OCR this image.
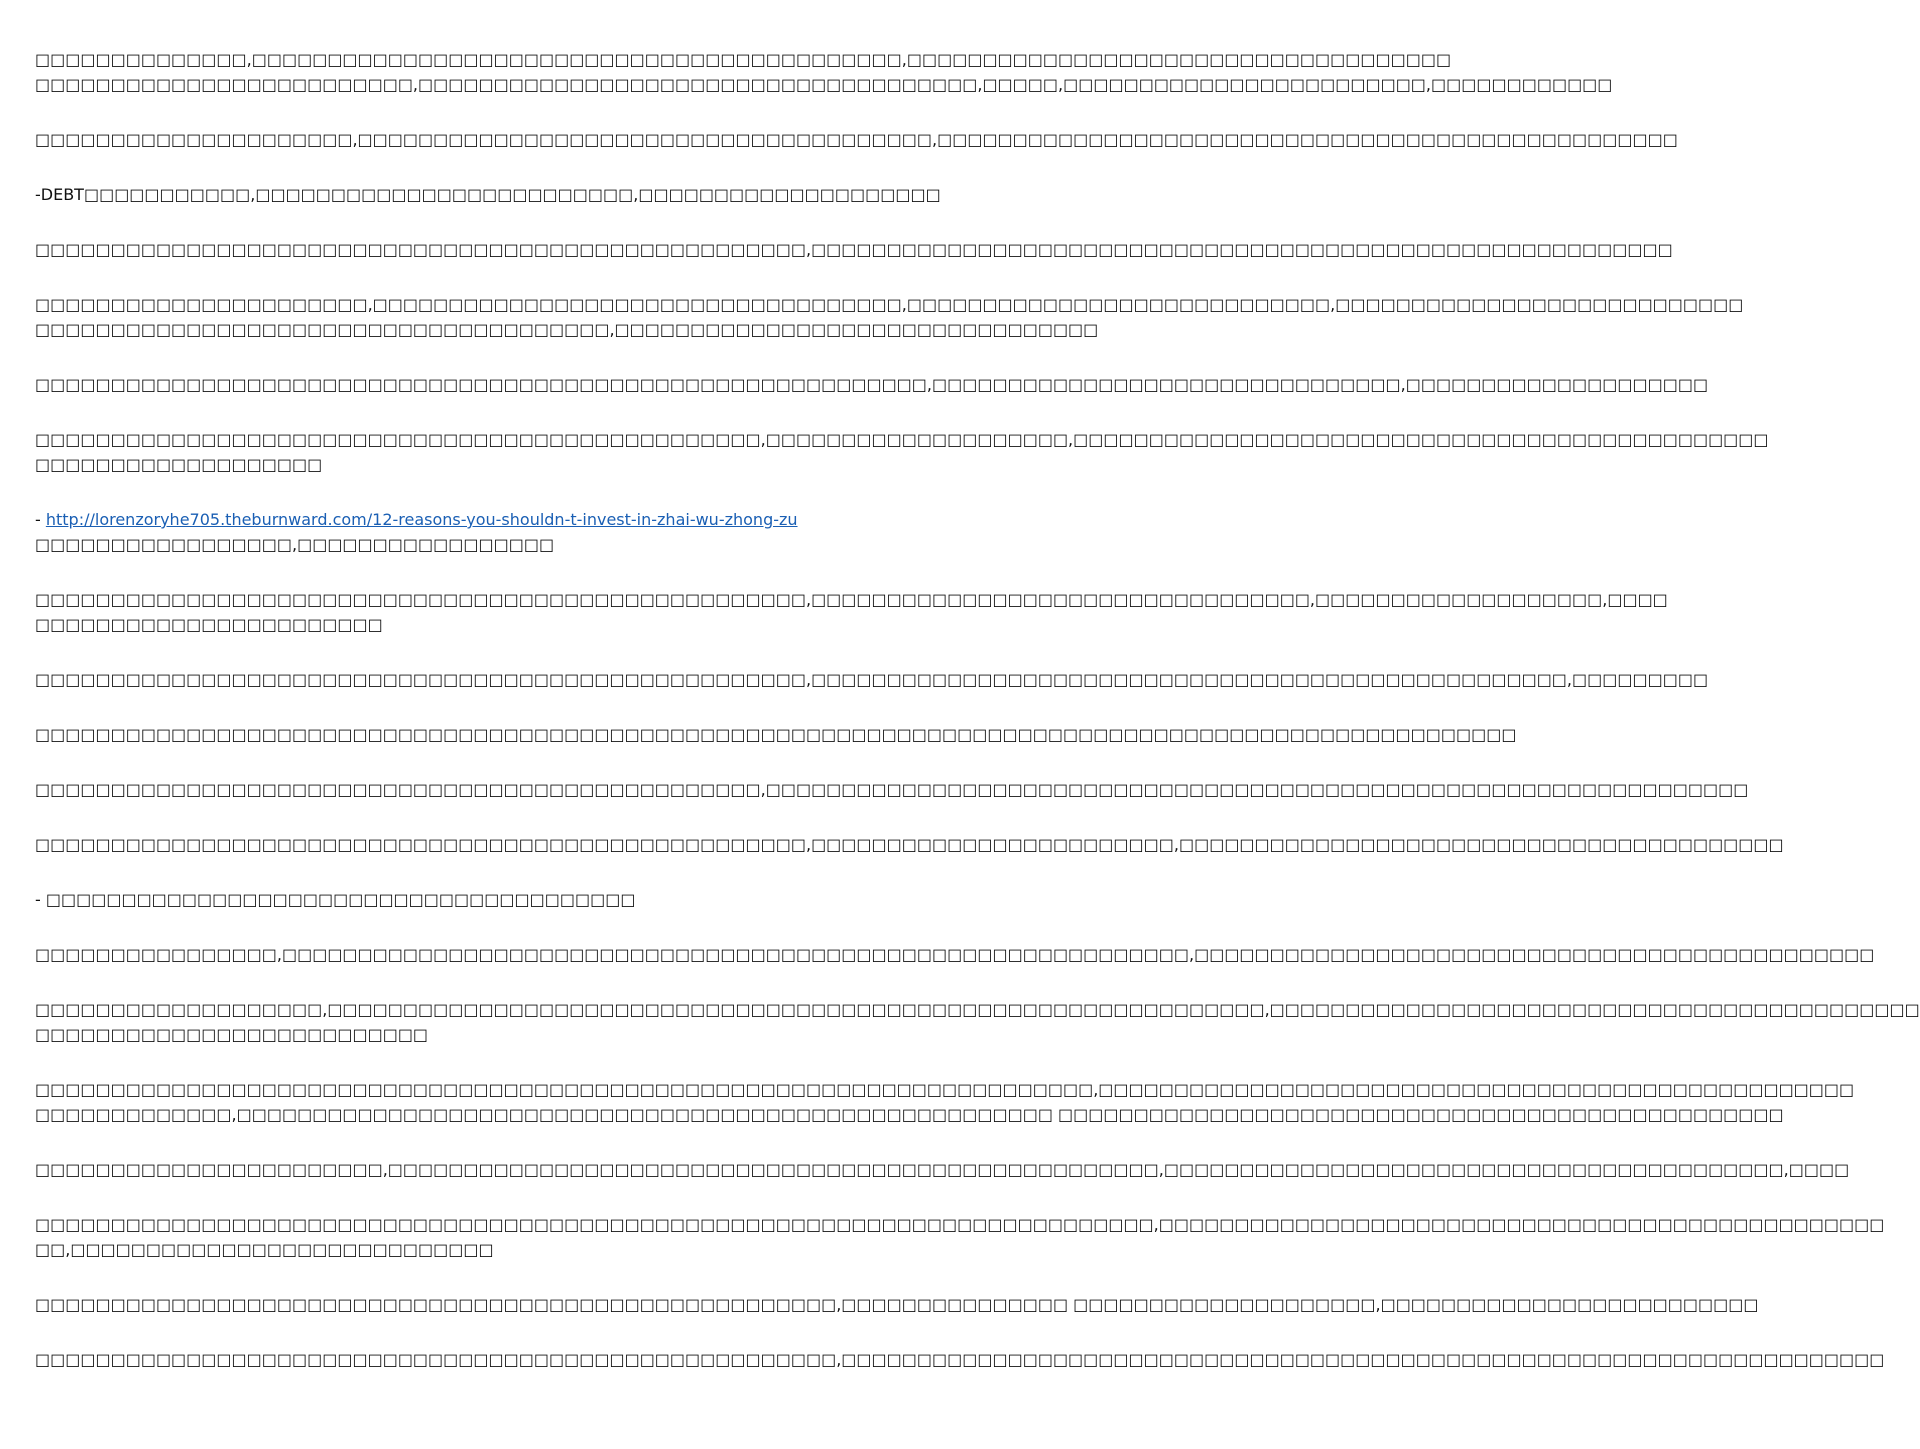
□□□□□□□□□□□□□□,□□□□□□□□□□□□□□□□□□□□□□□□□□□□□□□□□□□□□□□□□□□,□□□□□□□□□□□□□□□□□□□□□□□□□□□□□□□□□□□□
□□□□□□□□□□□□□□□□□□□□□□□□□,□□□□□□□□□□□□□□□□□□□□□□□□□□□□□□□□□□□□□,□□□□□,□□□□□□□□□□□□□□□□□□□□□□□□,□□□□□□□□□□□□
□□□□□□□□□□□□□□□□□□□□□,□□□□□□□□□□□□□□□□□□□□□□□□□□□□□□□□□□□□□□,□□□□□□□□□□□□□□□□□□□□□□□□□□□□□□□□□□□□□□□□□□□□□□□□□
-DEBT□□□□□□□□□□□,□□□□□□□□□□□□□□□□□□□□□□□□□,□□□□□□□□□□□□□□□□□□□□
□□□□□□□□□□□□□□□□□□□□□□□□□□□□□□□□□□□□□□□□□□□□□□□□□□□,□□□□□□□□□□□□□□□□□□□□□□□□□□□□□□□□□□□□□□□□□□□□□□□□□□□□□□□□□
□□□□□□□□□□□□□□□□□□□□□□,□□□□□□□□□□□□□□□□□□□□□□□□□□□□□□□□□□□,□□□□□□□□□□□□□□□□□□□□□□□□□□□□,□□□□□□□□□□□□□□□□□□□□□□□□□□□
□□□□□□□□□□□□□□□□□□□□□□□□□□□□□□□□□□□□□□,□□□□□□□□□□□□□□□□□□□□□□□□□□□□□□□□
□□□□□□□□□□□□□□□□□□□□□□□□□□□□□□□□□□□□□□□□□□□□□□□□□□□□□□□□□□□,□□□□□□□□□□□□□□□□□□□□□□□□□□□□□□□,□□□□□□□□□□□□□□□□□□□□
□□□□□□□□□□□□□□□□□□□□□□□□□□□□□□□□□□□□□□□□□□□□□□□□,□□□□□□□□□□□□□□□□□□□□,□□□□□□□□□□□□□□□□□□□□□□□□□□□□□□□□□□□□□□□□□□□□□□
□□□□□□□□□□□□□□□□□□□
- http://lorenzoryhe705.theburnward.com/12-reasons-you-shouldn-t-invest-in-zhai-wu-zhong-zu
□□□□□□□□□□□□□□□□□,□□□□□□□□□□□□□□□□□
□□□□□□□□□□□□□□□□□□□□□□□□□□□□□□□□□□□□□□□□□□□□□□□□□□□,□□□□□□□□□□□□□□□□□□□□□□□□□□□□□□□□□,□□□□□□□□□□□□□□□□□□□,□□□□
□□□□□□□□□□□□□□□□□□□□□□□
□□□□□□□□□□□□□□□□□□□□□□□□□□□□□□□□□□□□□□□□□□□□□□□□□□□,□□□□□□□□□□□□□□□□□□□□□□□□□□□□□□□□□□□□□□□□□□□□□□□□□□,□□□□□□□□□
□□□□□□□□□□□□□□□□□□□□□□□□□□□□□□□□□□□□□□□□□□□□□□□□□□□□□□□□□□□□□□□□□□□□□□□□□□□□□□□□□□□□□□□□□□□□□□□□□□
□□□□□□□□□□□□□□□□□□□□□□□□□□□□□□□□□□□□□□□□□□□□□□□□,□□□□□□□□□□□□□□□□□□□□□□□□□□□□□□□□□□□□□□□□□□□□□□□□□□□□□□□□□□□□□□□□□
□□□□□□□□□□□□□□□□□□□□□□□□□□□□□□□□□□□□□□□□□□□□□□□□□□□,□□□□□□□□□□□□□□□□□□□□□□□□,□□□□□□□□□□□□□□□□□□□□□□□□□□□□□□□□□□□□□□□□
- □□□□□□□□□□□□□□□□□□□□□□□□□□□□□□□□□□□□□□□
□□□□□□□□□□□□□□□□,□□□□□□□□□□□□□□□□□□□□□□□□□□□□□□□□□□□□□□□□□□□□□□□□□□□□□□□□□□□□,□□□□□□□□□□□□□□□□□□□□□□□□□□□□□□□□□□□□□□□□□□□□□
□□□□□□□□□□□□□□□□□□□,□□□□□□□□□□□□□□□□□□□□□□□□□□□□□□□□□□□□□□□□□□□□□□□□□□□□□□□□□□□□□□,□□□□□□□□□□□□□□□□□□□□□□□□□□□□□□□□□□□□□□□□□□□
□□□□□□□□□□□□□□□□□□□□□□□□□□
□□□□□□□□□□□□□□□□□□□□□□□□□□□□□□□□□□□□□□□□□□□□□□□□□□□□□□□□□□□□□□□□□□□□□□,□□□□□□□□□□□□□□□□□□□□□□□□□□□□□□□□□□□□□□□□□□□□□□□□□□
□□□□□□□□□□□□□,□□□□□□□□□□□□□□□□□□□□□□□□□□□□□□□□□□□□□□□□□□□□□□□□□□□□□□ □□□□□□□□□□□□□□□□□□□□□□□□□□□□□□□□□□□□□□□□□□□□□□□□
□□□□□□□□□□□□□□□□□□□□□□□,□□□□□□□□□□□□□□□□□□□□□□□□□□□□□□□□□□□□□□□□□□□□□□□□□□□,□□□□□□□□□□□□□□□□□□□□□□□□□□□□□□□□□□□□□□□□□,□□□□
□□□□□□□□□□□□□□□□□□□□□□□□□□□□□□□□□□□□□□□□□□□□□□□□□□□□□□□□□□□□□□□□□□□□□□□□□□,□□□□□□□□□□□□□□□□□□□□□□□□□□□□□□□□□□□□□□□□□□□□□□□□
□□,□□□□□□□□□□□□□□□□□□□□□□□□□□□□
□□□□□□□□□□□□□□□□□□□□□□□□□□□□□□□□□□□□□□□□□□□□□□□□□□□□□,□□□□□□□□□□□□□□□ □□□□□□□□□□□□□□□□□□□□,□□□□□□□□□□□□□□□□□□□□□□□□□
□□□□□□□□□□□□□□□□□□□□□□□□□□□□□□□□□□□□□□□□□□□□□□□□□□□□□,□□□□□□□□□□□□□□□□□□□□□□□□□□□□□□□□□□□□□□□□□□□□□□□□□□□□□□□□□□□□□□□□□□□□□
